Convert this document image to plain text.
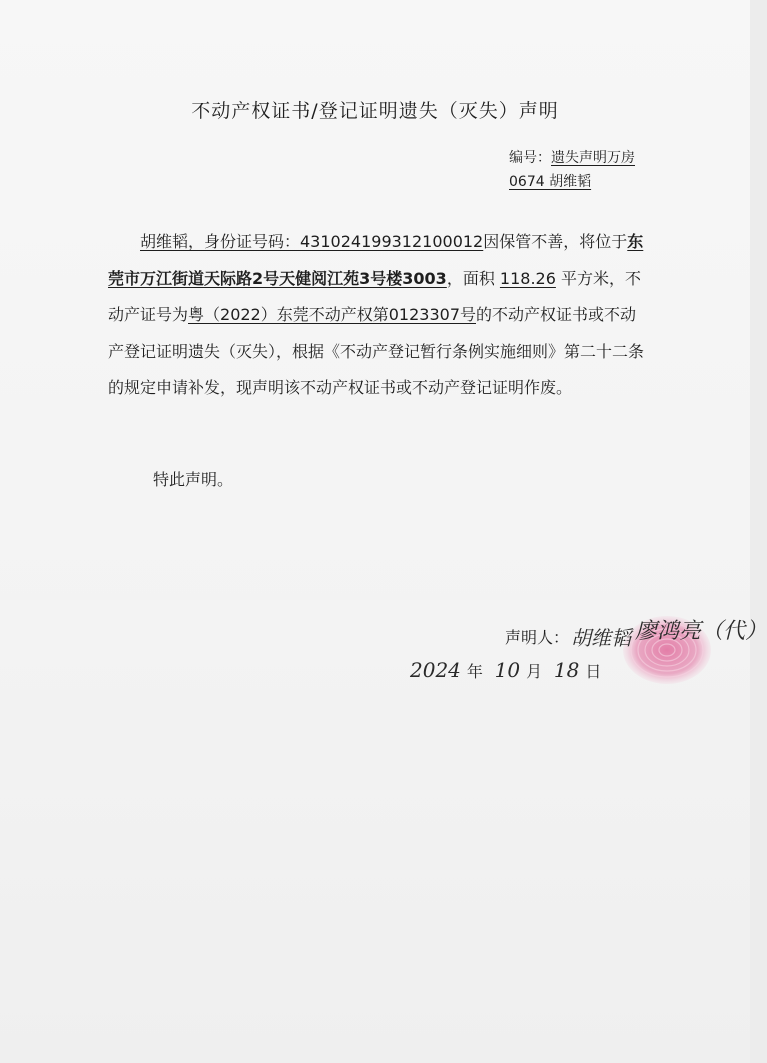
不动产权证书/登记证明遗失（灭失）声明
编号：遗失声明万房
0674 胡维韬

胡维韬，身份证号码：431024199312100012因保管不善，将位于东莞市万江街道天际路2号天健阅江苑3号楼3003，面积 118.26 平方米，不动产证号为粤（2022）东莞不动产权第0123307号的不动产权证书或不动产登记证明遗失（灭失），根据《不动产登记暂行条例实施细则》第二十二条的规定申请补发，现声明该不动产权证书或不动产登记证明作废。

特此声明。
声明人： 胡维韬 廖鸿亮（代）
2024 年 10 月 18 日
